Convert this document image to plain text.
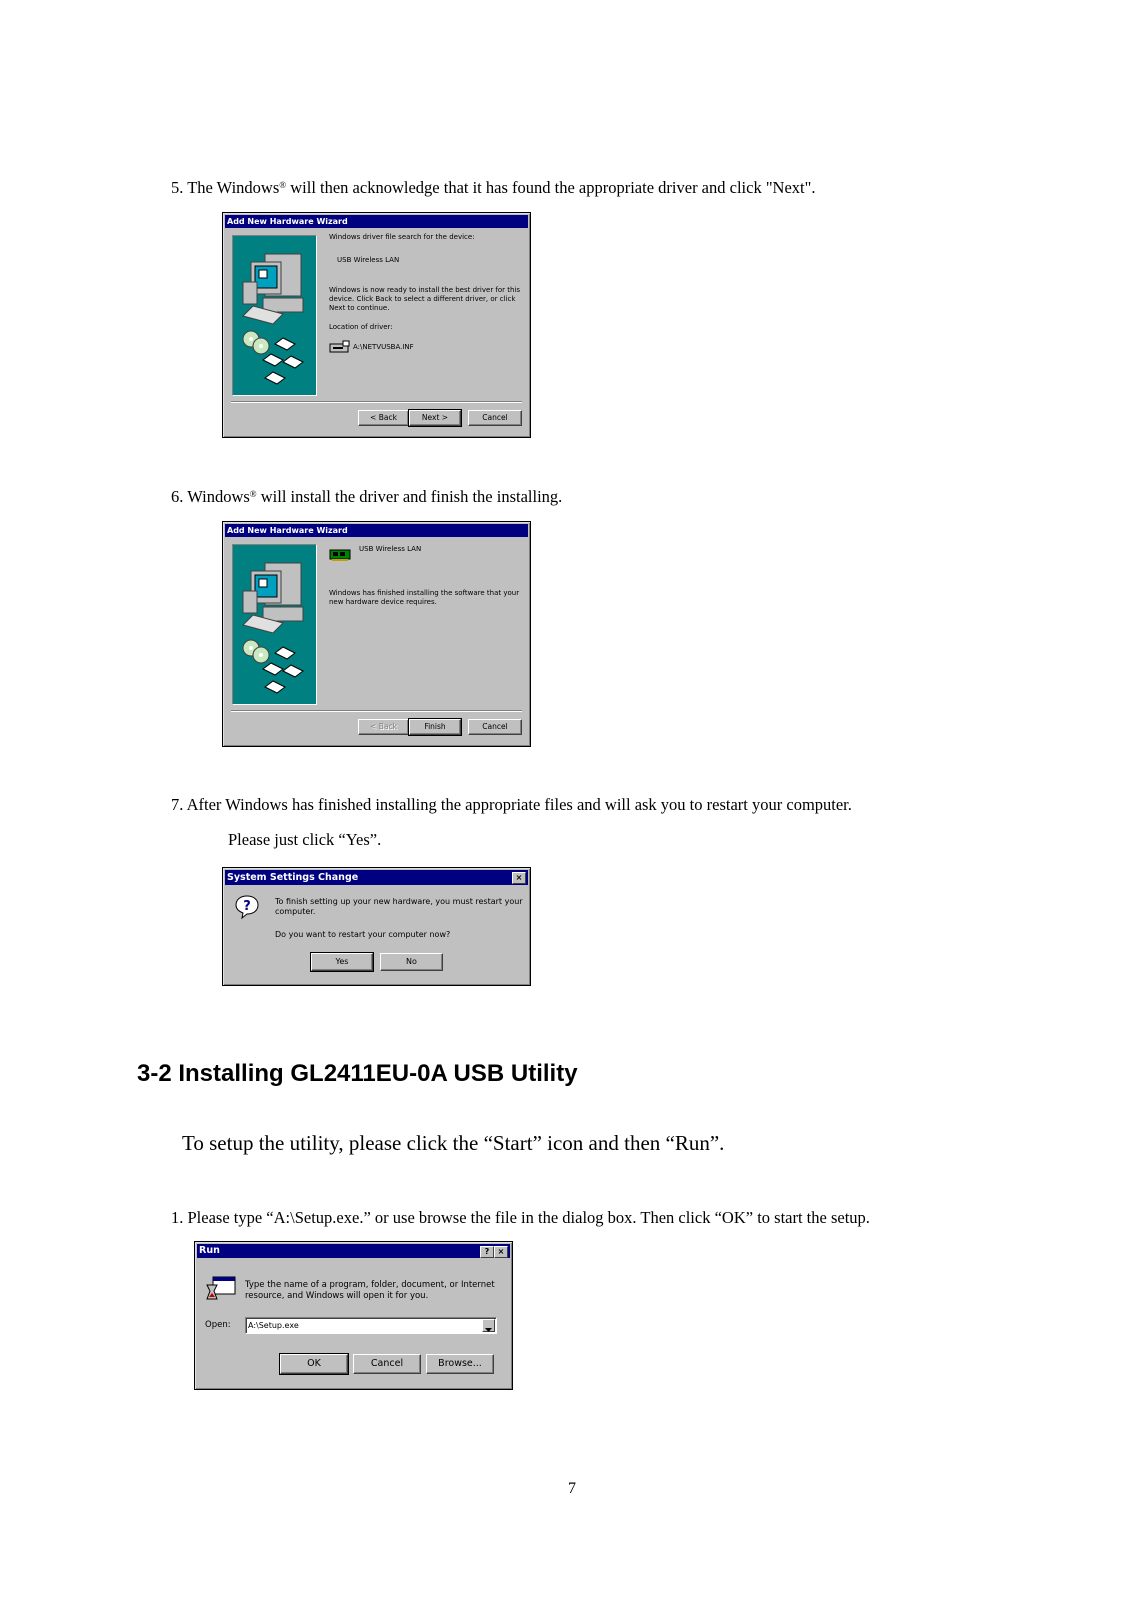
5. The Windows® will then acknowledge that it has found the appropriate driver and click "Next".
Add New Hardware Wizard
Windows driver file search for the device:
USB Wireless LAN
Windows is now ready to install the best driver for this device. Click Back to select a different driver, or click Next to continue.
Location of driver:
A:\NETVUSBA.INF
< Back	Next >	Cancel
6. Windows® will install the driver and finish the installing.
Add New Hardware Wizard
USB Wireless LAN
Windows has finished installing the software that your new hardware device requires.
< Back	Finish	Cancel
7. After Windows has finished installing the appropriate files and will ask you to restart your computer.
Please just click “Yes”.
System Settings Change	×
?	To finish setting up your new hardware, you must restart your computer.
Do you want to restart your computer now?
Yes	No
3-2 Installing GL2411EU-0A USB Utility
To setup the utility, please click the “Start” icon and then “Run”.
1. Please type “A:\Setup.exe.” or use browse the file in the dialog box. Then click “OK” to start the setup.
Run	?	×
Type the name of a program, folder, document, or Internet resource, and Windows will open it for you.
Open: A:\Setup.exe
OK	Cancel	Browse...
7
